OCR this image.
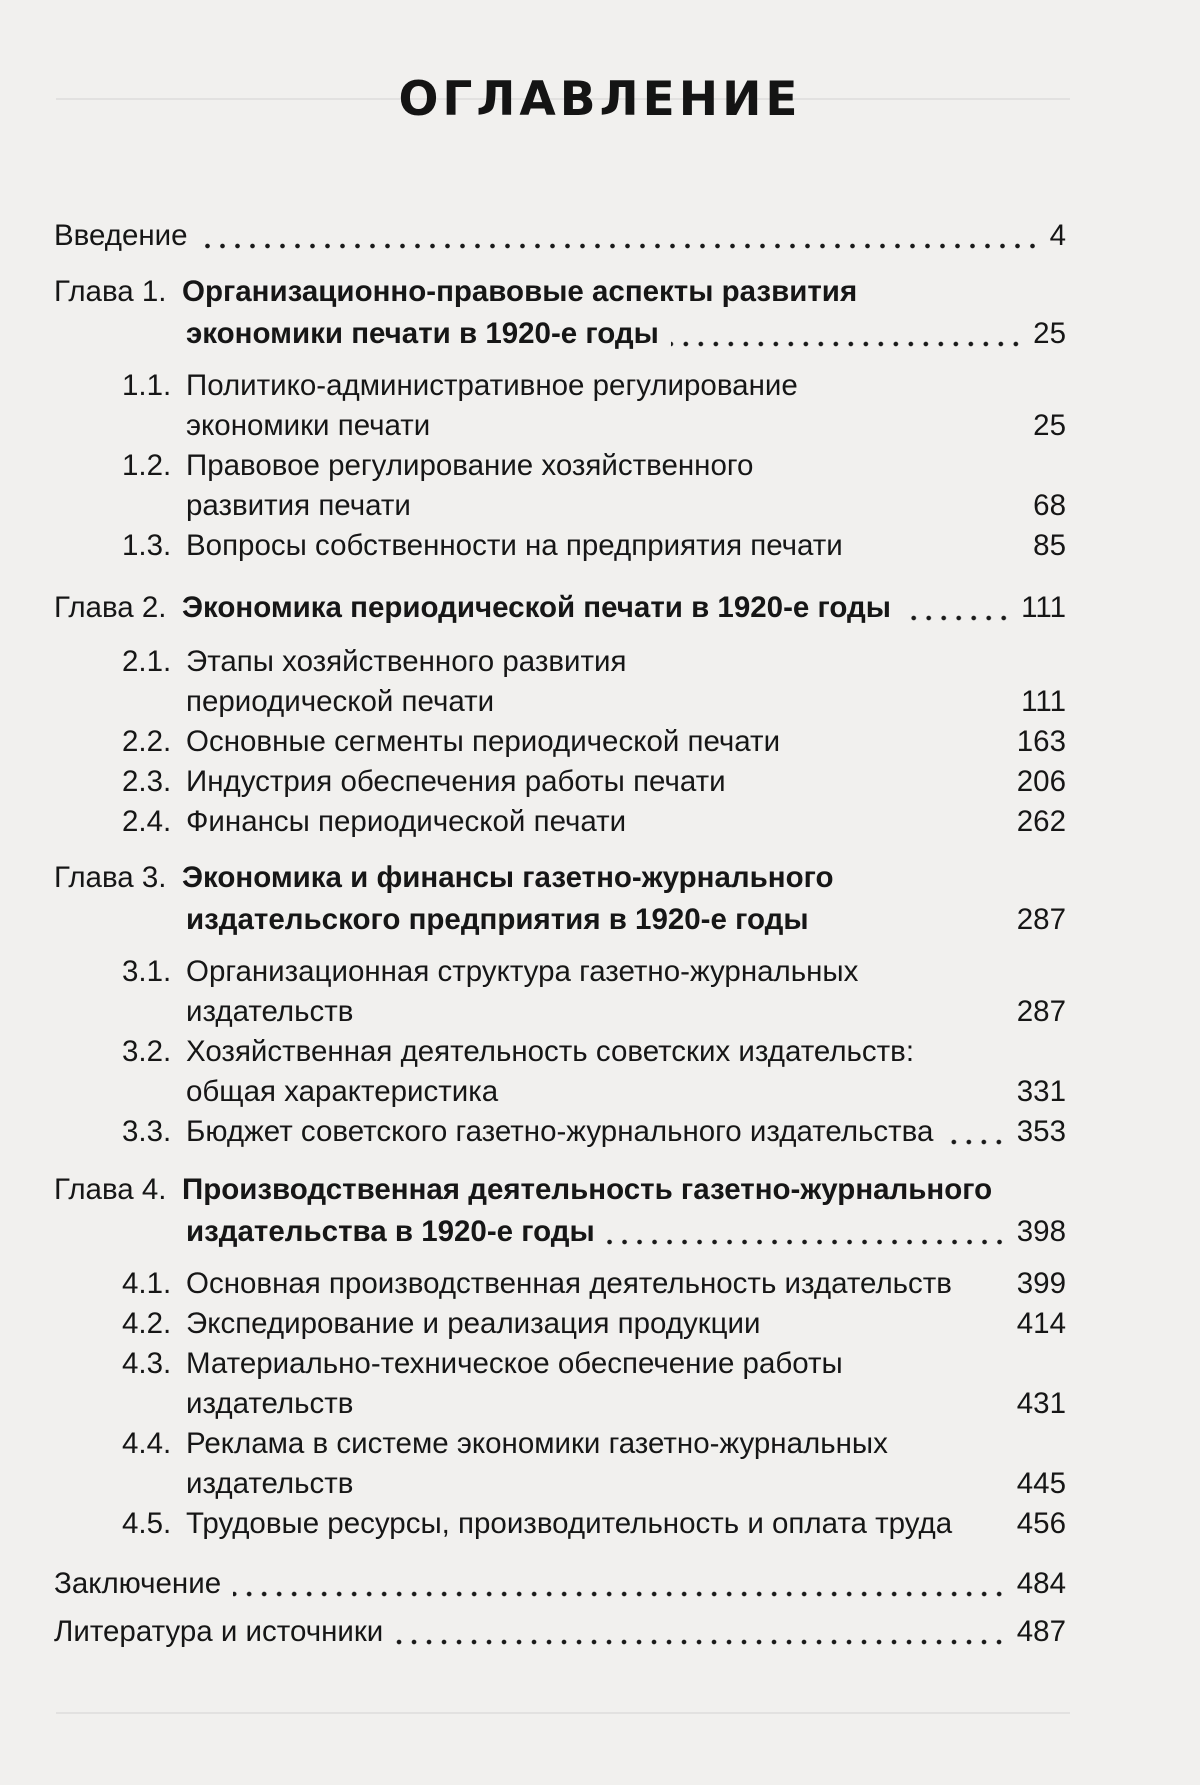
ОГЛАВЛЕНИЕ
Введение	4
Глава 1. Организационно-правовые аспекты развития
экономики печати в 1920-е годы	25
1.1. Политико-административное регулирование
экономики печати	25
1.2. Правовое регулирование хозяйственного
развития печати	68
1.3. Вопросы собственности на предприятия печати	85
Глава 2. Экономика периодической печати в 1920-е годы	111
2.1. Этапы хозяйственного развития
периодической печати	111
2.2. Основные сегменты периодической печати	163
2.3. Индустрия обеспечения работы печати	206
2.4. Финансы периодической печати	262
Глава 3. Экономика и финансы газетно-журнального
издательского предприятия в 1920-е годы	287
3.1. Организационная структура газетно-журнальных
издательств	287
3.2. Хозяйственная деятельность советских издательств:
общая характеристика	331
3.3. Бюджет советского газетно-журнального издательства	353
Глава 4. Производственная деятельность газетно-журнального
издательства в 1920-е годы	398
4.1. Основная производственная деятельность издательств 399
4.2. Экспедирование и реализация продукции	414
4.3. Материально-техническое обеспечение работы
издательств	431
4.4. Реклама в системе экономики газетно-журнальных
издательств	445
4.5. Трудовые ресурсы, производительность и оплата труда 456
Заключение	484
Литература и источники	487
